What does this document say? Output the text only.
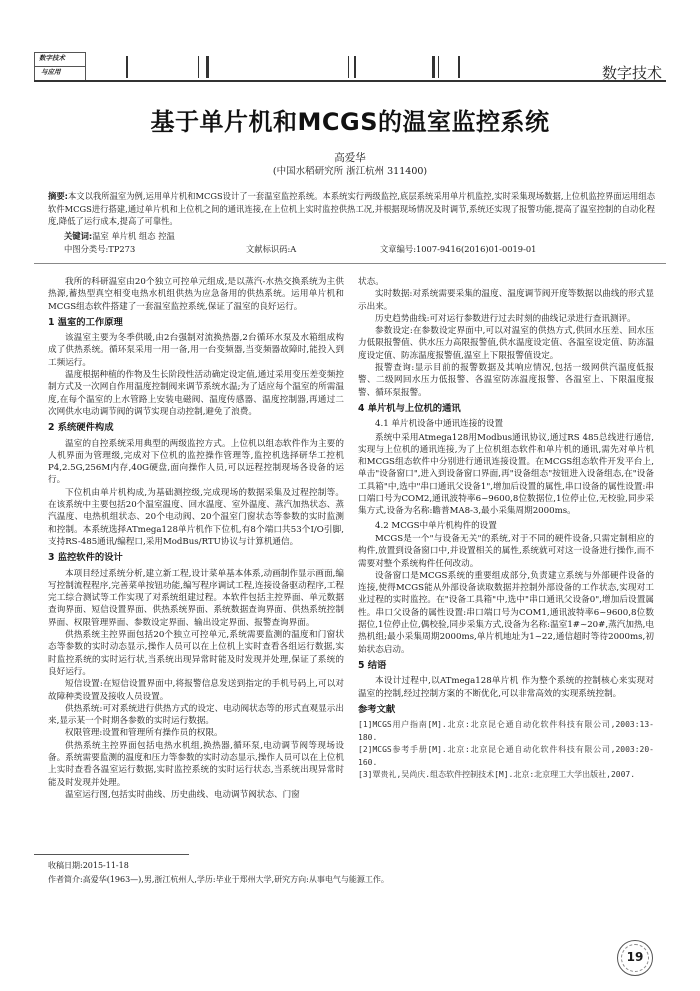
数字技术
与应用	数字技术
基于单片机和MCGS的温室监控系统
高爱华
(中国水稻研究所 浙江杭州 311400)
摘要:本文以我所温室为例,运用单片机和MCGS设计了一套温室监控系统。本系统实行两级监控,底层系统采用单片机监控,实时采集现场数据,上位机监控界面运用组态软件MCGS进行搭建,通过单片机和上位机之间的通讯连接,在上位机上实时监控供热工况,并根据现场情况及时调节,系统还实现了报警功能,提高了温室控制的自动化程度,降低了运行成本,提高了可靠性。
关键词:温室 单片机 组态 控温
中图分类号:TP273	文献标识码:A	文章编号:1007-9416(2016)01-0019-01

我所的科研温室由20个独立可控单元组成,是以蒸汽-水热交换系统为主供热源,蓄热型真空相变电热水机组供热为应急备用的供热系统。运用单片机和MCGS组态软件搭建了一套温室监控系统,保证了温室的良好运行。

1 温室的工作原理

该温室主要为冬季供暖,由2台强制对流换热器,2台循环水泵及水箱组成构成了供热系统。循环泵采用一用一备,用一台变频器,当变频器故障时,能投入到工频运行。

温度根据种植的作物及生长阶段性活动确定设定值,通过采用变压差变频控制方式及一次网自作用温度控制阀来调节系统水温;为了适应每个温室的所需温度,在每个温室的上水管路上安装电磁阀、温度传感器、温度控制器,再通过二次网供水电动调节阀的调节实现自动控制,避免了浪费。

2 系统硬件构成

温室的自控系统采用典型的两级监控方式。上位机以组态软件作为主要的人机界面为管理级,完成对下位机的监控操作管理等,监控机选择研华工控机P4,2.5G,256M内存,40G硬盘,面向操作人员,可以远程控制现场各设备的运行。

下位机由单片机构成,为基础测控级,完成现场的数据采集及过程控制等。在该系统中主要包括20个温室温度、回水温度、室外温度、蒸汽加热状态、蒸汽温度、电热机组状态、20个电动阀、20个温室门窗状态等参数的实时监测和控制。本系统选择ATmega128单片机作下位机,有8个端口共53个I/O引脚,支持RS-485通讯/编程口,采用ModBus/RTU协议与计算机通信。

3 监控软件的设计

本项目经过系统分析,建立新工程,设计菜单基本体系,动画制作显示画面,编写控制流程程序,完善菜单按钮功能,编写程序调试工程,连接设备驱动程序,工程完工综合测试等工作实现了对系统组建过程。本软件包括主控界面、单元数据查询界面、短信设置界面、供热系统界面、系统数据查询界面、供热系统控制界面、权限管理界面、参数设定界面、输出设定界面、报警查询界面。

供热系统主控界面包括20个独立可控单元,系统需要监测的温度和门窗状态等参数的实时动态显示,操作人员可以在上位机上实时查看各组运行数据,实时监控系统的实时运行状,当系统出现异常时能及时发现并处理,保证了系统的良好运行。

短信设置:在短信设置界面中,将报警信息发送到指定的手机号码上,可以对故障种类设置及接收人员设置。

供热系统:可对系统进行供热方式的设定、电动阀状态等的形式直观显示出来,显示某一个时期各参数的实时运行数据。

权限管理:设置和管理所有操作员的权限。

供热系统主控界面包括电热水机组,换热器,循环泵,电动调节阀等现场设备。系统需要监测的温度和压力等参数的实时动态显示,操作人员可以在上位机上实时查看各温室运行数据,实时监控系统的实时运行状态,当系统出现异常时能及时发现并处理。

温室运行图,包括实时曲线、历史曲线、电动调节阀状态、门窗

状态。

实时数据:对系统需要采集的温度、温度调节阀开度等数据以曲线的形式显示出来。

历史趋势曲线:可对运行参数进行过去时刻的曲线记录进行查讯测评。

参数设定:在参数设定界面中,可以对温室的供热方式,供回水压差、回水压力低限报警值、供水压力高限报警值,供水温度设定值、各温室设定值、防冻温度设定值、防冻温度报警值,温室上下限报警值设定。

报警查询:显示目前的报警数据及其响应情况,包括一级网供汽温度低报警、二级网回水压力低报警、各温室防冻温度报警、各温室上、下限温度报警、循环泵报警。

4 单片机与上位机的通讯
4.1 单片机设备中通讯连接的设置

系统中采用Atmega128用Modbus通讯协议,通过RS 485总线进行通信,实现与上位机的通讯连接,为了上位机组态软件和单片机的通讯,需先对单片机和MCGS组态软件中分别进行通讯连接设置。在MCGS组态软件开发平台上,单击"设备窗口",进入到设备窗口界面,再"设备组态"按钮进入设备组态,在"设备工具箱"中,选中"串口通讯父设备1",增加后设置的属性,串口设备的属性设置:串口端口号为COM2,通讯波特率6~9600,8位数据位,1位停止位,无校验,同步采集方式,设备为名称:瞻普MA8-3,最小采集周期2000ms。

4.2 MCGS中单片机构件的设置

MCGS是一个"与设备无关"的系统,对于不同的硬件设备,只需定制相应的构件,放置到设备窗口中,并设置相关的属性,系统就可对这一设备进行操作,而不需要对整个系统构件任何改动。

设备窗口是MCGS系统的重要组成部分,负责建立系统与外部硬件设备的连接,使得MCGS能从外部设备读取数据并控制外部设备的工作状态,实现对工业过程的实时监控。在"设备工具箱"中,选中"串口通讯父设备0",增加后设置属性。串口父设备的属性设置:串口端口号为COM1,通讯波特率6~9600,8位数据位,1位停止位,偶校验,同步采集方式,设备为名称:温室1#~20#,蒸汽加热,电热机组;最小采集周期2000ms,单片机地址为1~22,通信超时等待2000ms,初始状态启动。

5 结语

本设计过程中,以ATmega128单片机 作为整个系统的控制核心来实现对温室的控制,经过控制方案的不断优化,可以非常高效的实现系统控制。

参考文献

[1]MCGS用户指南[M].北京:北京昆仑通自动化软件科技有限公司,2003:13-180.

[2]MCGS参考手册[M].北京:北京昆仑通自动化软件科技有限公司,2003:20-160.

[3]覃贵礼,吴尚庆.组态软件控制技术[M].北京:北京理工大学出版社,2007.

收稿日期:2015-11-18
作者简介:高爱华(1963—),男,浙江杭州人,学历:毕业于郑州大学,研究方向:从事电气与能源工作。
19
